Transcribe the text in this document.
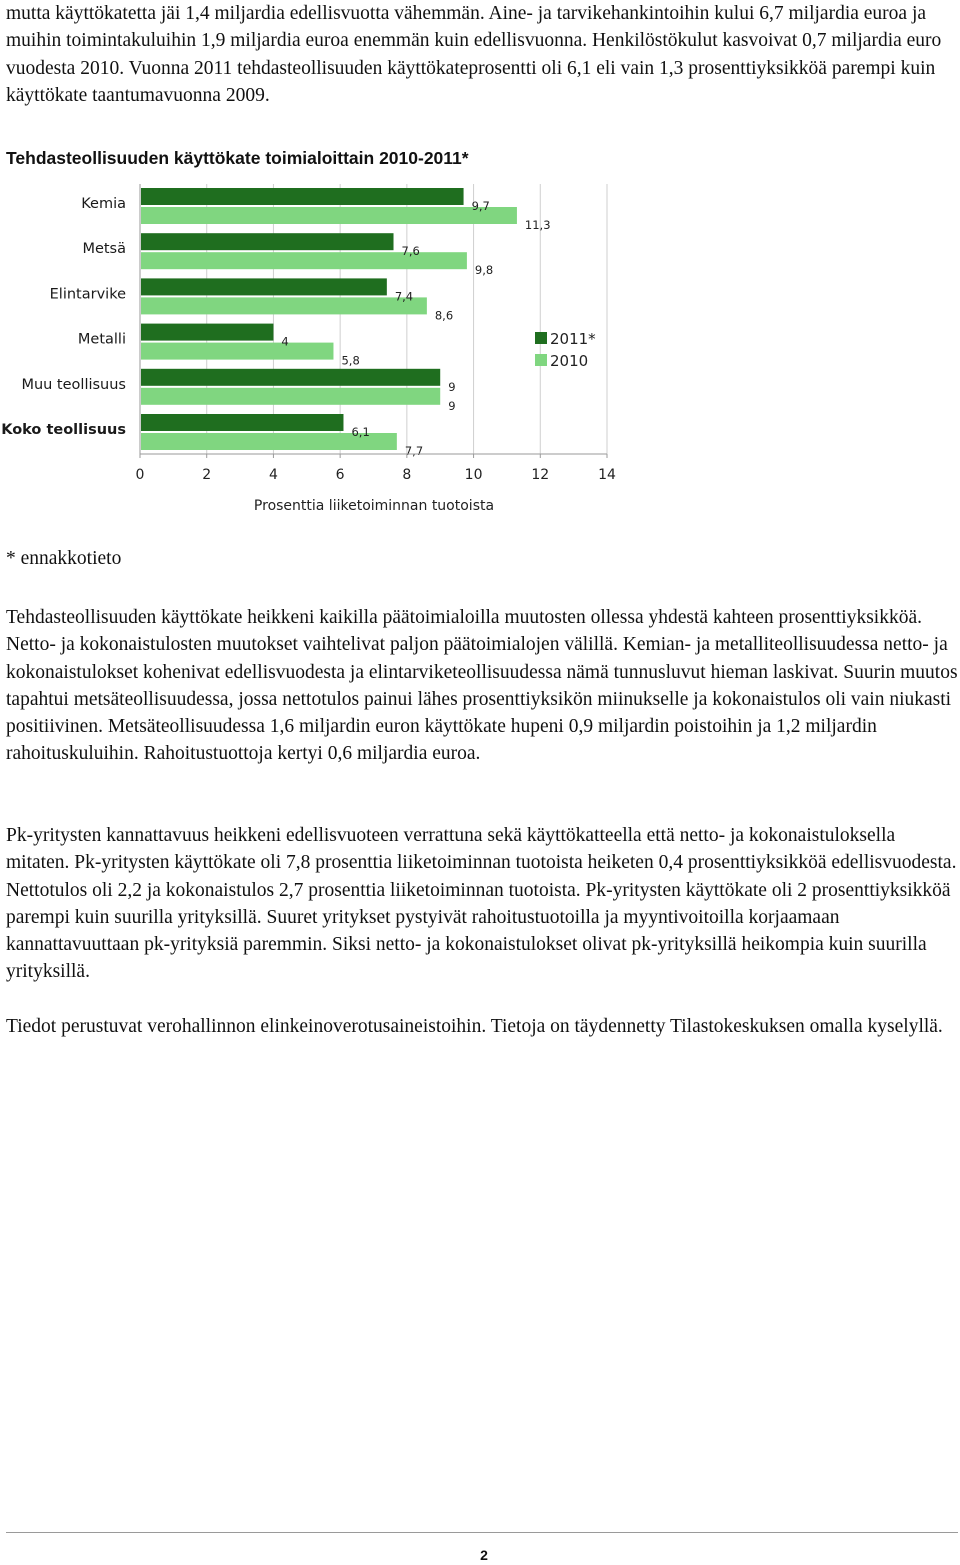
mutta käyttökatetta jäi 1,4 miljardia edellisvuotta vähemmän. Aine- ja tarvikehankintoihin kului 6,7 miljardia euroa ja muihin toimintakuluihin 1,9 miljardia euroa enemmän kuin edellisvuonna. Henkilöstökulut kasvoivat 0,7 miljardia euro vuodesta 2010. Vuonna 2011 tehdasteollisuuden käyttökateprosentti oli 6,1 eli vain 1,3 prosenttiyksikköä parempi kuin käyttökate taantumavuonna 2009.

Tehdasteollisuuden käyttökate toimialoittain 2010-2011*
Kemia
Metsä
Elintarvike
Metalli
Muu teollisuus
Koko teollisuus
9,7
11,3
7,6
9,8
7,4
8,6
4
5,8
9
9
6,1
7,7
0	2	4	6	8	10	12	14
2011*
2010
Prosenttia liiketoiminnan tuotoista

* ennakkotieto

Tehdasteollisuuden käyttökate heikkeni kaikilla päätoimialoilla muutosten ollessa yhdestä kahteen prosenttiyksikköä. Netto- ja kokonaistulosten muutokset vaihtelivat paljon päätoimialojen välillä. Kemian- ja metalliteollisuudessa netto- ja kokonaistulokset kohenivat edellisvuodesta ja elintarviketeollisuudessa nämä tunnusluvut hieman laskivat. Suurin muutos tapahtui metsäteollisuudessa, jossa nettotulos painui lähes prosenttiyksikön miinukselle ja kokonaistulos oli vain niukasti positiivinen. Metsäteollisuudessa 1,6 miljardin euron käyttökate hupeni 0,9 miljardin poistoihin ja 1,2 miljardin rahoituskuluihin. Rahoitustuottoja kertyi 0,6 miljardia euroa.

Pk-yritysten kannattavuus heikkeni edellisvuoteen verrattuna sekä käyttökatteella että netto- ja kokonaistuloksella mitaten. Pk-yritysten käyttökate oli 7,8 prosenttia liiketoiminnan tuotoista heiketen 0,4 prosenttiyksikköä edellisvuodesta. Nettotulos oli 2,2 ja kokonaistulos 2,7 prosenttia liiketoiminnan tuotoista. Pk-yritysten käyttökate oli 2 prosenttiyksikköä parempi kuin suurilla yrityksillä. Suuret yritykset pystyivät rahoitustuotoilla ja myyntivoitoilla korjaamaan kannattavuuttaan pk-yrityksiä paremmin. Siksi netto- ja kokonaistulokset olivat pk-yrityksillä heikompia kuin suurilla yrityksillä.

Tiedot perustuvat verohallinnon elinkeinoverotusaineistoihin. Tietoja on täydennetty Tilastokeskuksen omalla kyselyllä.

2
